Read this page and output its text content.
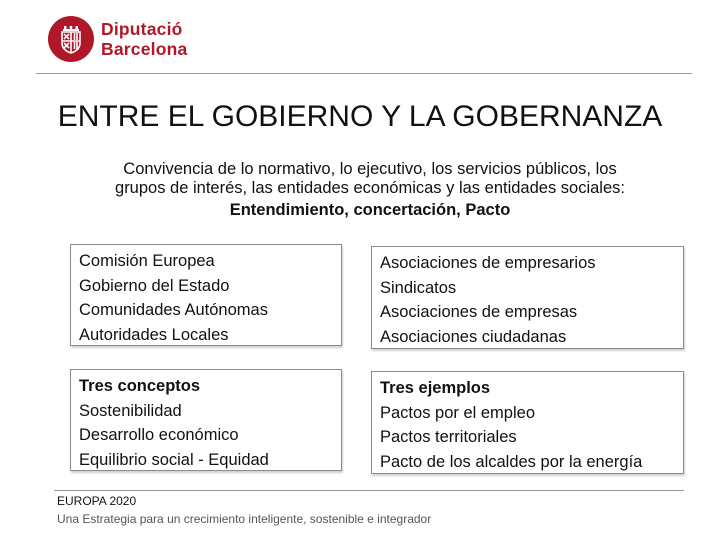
Diputació
Barcelona
ENTRE EL GOBIERNO Y LA GOBERNANZA
Convivencia de lo normativo, lo ejecutivo, los servicios públicos, los
grupos de interés, las entidades económicas y las entidades sociales:
Entendimiento, concertación, Pacto
Comisión Europea
Gobierno del Estado
Comunidades Autónomas
Autoridades Locales
Asociaciones de empresarios
Sindicatos
Asociaciones de empresas
Asociaciones ciudadanas
Tres conceptos
Sostenibilidad
Desarrollo económico
Equilibrio social - Equidad
Tres ejemplos
Pactos por el empleo
Pactos territoriales
Pacto de los alcaldes por la energía
EUROPA 2020
Una Estrategia para un crecimiento inteligente, sostenible e integrador
